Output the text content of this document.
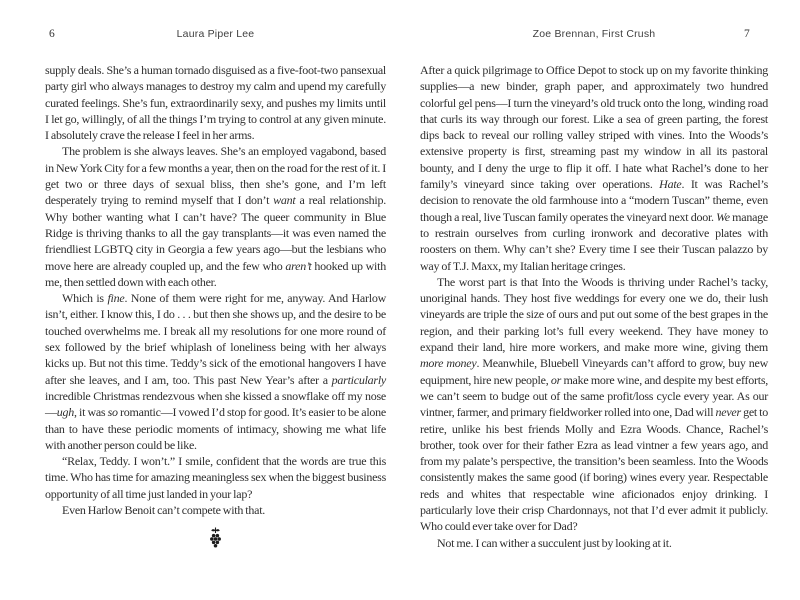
6	Laura Piper Lee

supply deals. She’s a human tornado disguised as a five-foot-two pansexual party girl who always manages to destroy my calm and upend my carefully curated feelings. She’s fun, extraordinarily sexy, and pushes my limits until I let go, willingly, of all the things I’m trying to control at any given minute. I absolutely crave the release I feel in her arms.

The problem is she always leaves. She’s an employed vagabond, based in New York City for a few months a year, then on the road for the rest of it. I get two or three days of sexual bliss, then she’s gone, and I’m left desperately trying to remind myself that I don’t want a real relationship. Why bother wanting what I can’t have? The queer community in Blue Ridge is thriving thanks to all the gay transplants—it was even named the friendliest LGBTQ city in Georgia a few years ago—but the lesbians who move here are already coupled up, and the few who aren’t hooked up with me, then settled down with each other.

Which is fine. None of them were right for me, anyway. And Harlow isn’t, either. I know this, I do . . . but then she shows up, and the desire to be touched overwhelms me. I break all my resolutions for one more round of sex followed by the brief whiplash of loneliness being with her always kicks up. But not this time. Teddy’s sick of the emotional hangovers I have after she leaves, and I am, too. This past New Year’s after a particularly incredible Christmas rendezvous when she kissed a snowflake off my nose—ugh, it was so romantic—I vowed I’d stop for good. It’s easier to be alone than to have these periodic moments of intimacy, showing me what life with another person could be like.

“Relax, Teddy. I won’t.” I smile, confident that the words are true this time. Who has time for amazing meaningless sex when the biggest business opportunity of all time just landed in your lap?

Even Harlow Benoit can’t compete with that.

Zoe Brennan, First Crush	7

After a quick pilgrimage to Office Depot to stock up on my favorite thinking supplies—a new binder, graph paper, and approximately two hundred colorful gel pens—I turn the vineyard’s old truck onto the long, winding road that curls its way through our forest. Like a sea of green parting, the forest dips back to reveal our rolling valley striped with vines. Into the Woods’s extensive property is first, streaming past my window in all its pastoral bounty, and I deny the urge to flip it off. I hate what Rachel’s done to her family’s vineyard since taking over operations. Hate. It was Rachel’s decision to renovate the old farmhouse into a “modern Tuscan” theme, even though a real, live Tuscan family operates the vineyard next door. We manage to restrain ourselves from curling ironwork and decorative plates with roosters on them. Why can’t she? Every time I see their Tuscan palazzo by way of T.J. Maxx, my Italian heritage cringes.

The worst part is that Into the Woods is thriving under Rachel’s tacky, unoriginal hands. They host five weddings for every one we do, their lush vineyards are triple the size of ours and put out some of the best grapes in the region, and their parking lot’s full every weekend. They have money to expand their land, hire more workers, and make more wine, giving them more money. Meanwhile, Bluebell Vineyards can’t afford to grow, buy new equipment, hire new people, or make more wine, and despite my best efforts, we can’t seem to budge out of the same profit/loss cycle every year. As our vintner, farmer, and primary fieldworker rolled into one, Dad will never get to retire, unlike his best friends Molly and Ezra Woods. Chance, Rachel’s brother, took over for their father Ezra as lead vintner a few years ago, and from my palate’s perspective, the transition’s been seamless. Into the Woods consistently makes the same good (if boring) wines every year. Respectable reds and whites that respectable wine aficionados enjoy drinking. I particularly love their crisp Chardonnays, not that I’d ever admit it publicly. Who could ever take over for Dad?

Not me. I can wither a succulent just by looking at it.
